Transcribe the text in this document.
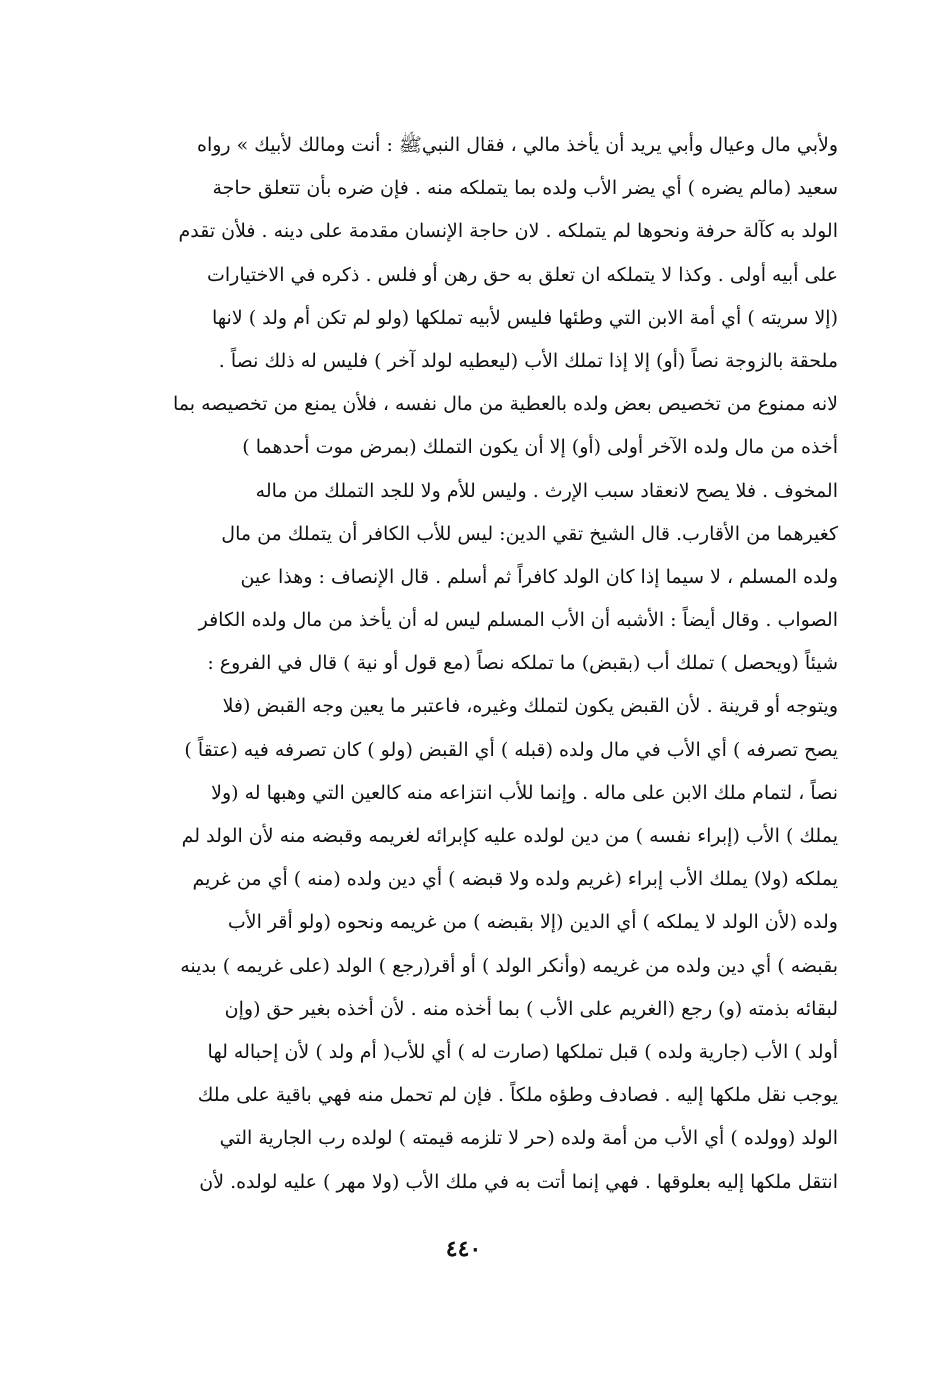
ولأبي مال وعيال وأبي يريد أن يأخذ مالي ، فقال النبيﷺ : أنت ومالك لأبيك » رواه
سعيد (مالم يضره ) أي يضر الأب ولده بما يتملكه منه . فإن ضره بأن تتعلق حاجة
الولد به كآلة حرفة ونحوها لم يتملكه . لان حاجة الإنسان مقدمة على دينه . فلأن تقدم
على أبيه أولى . وكذا لا يتملكه ان تعلق به حق رهن أو فلس . ذكره في الاختيارات
(إلا سريته ) أي أمة الابن التي وطئها فليس لأبيه تملكها (ولو لم تكن أم ولد ) لانها
ملحقة بالزوجة نصاً (أو) إلا إذا تملك الأب (ليعطيه لولد آخر ) فليس له ذلك نصاً .
لانه ممنوع من تخصيص بعض ولده بالعطية من مال نفسه ، فلأن يمنع من تخصيصه بما
أخذه من مال ولده الآخر أولى (أو) إلا أن يكون التملك (بمرض موت أحدهما )
المخوف . فلا يصح لانعقاد سبب الإرث . وليس للأم ولا للجد التملك من ماله
كغيرهما من الأقارب. قال الشيخ تقي الدين: ليس للأب الكافر أن يتملك من مال
ولده المسلم ، لا سيما إذا كان الولد كافراً ثم أسلم . قال الإنصاف : وهذا عين
الصواب . وقال أيضاً : الأشبه أن الأب المسلم ليس له أن يأخذ من مال ولده الكافر
شيئاً (ويحصل ) تملك أب (بقبض) ما تملكه نصاً (مع قول أو نية ) قال في الفروع :
ويتوجه أو قرينة . لأن القبض يكون لتملك وغيره، فاعتبر ما يعين وجه القبض (فلا
يصح تصرفه ) أي الأب في مال ولده (قبله ) أي القبض (ولو ) كان تصرفه فيه (عتقاً )
نصاً ، لتمام ملك الابن على ماله . وإنما للأب انتزاعه منه كالعين التي وهبها له (ولا
يملك ) الأب (إبراء نفسه ) من دين لولده عليه كإبرائه لغريمه وقبضه منه لأن الولد لم
يملكه (ولا) يملك الأب إبراء (غريم ولده ولا قبضه ) أي دين ولده (منه ) أي من غريم
ولده (لأن الولد لا يملكه ) أي الدين (إلا بقبضه ) من غريمه ونحوه (ولو أقر الأب
بقبضه ) أي دين ولده من غريمه (وأنكر الولد ) أو أقر(رجع ) الولد (على غريمه ) بدينه
لبقائه بذمته (و) رجع (الغريم على الأب ) بما أخذه منه . لأن أخذه بغير حق (وإن
أولد ) الأب (جارية ولده ) قبل تملكها (صارت له ) أي للأب( أم ولد ) لأن إحباله لها
يوجب نقل ملكها إليه . فصادف وطؤه ملكاً . فإن لم تحمل منه فهي باقية على ملك
الولد (وولده ) أي الأب من أمة ولده (حر لا تلزمه قيمته ) لولده رب الجارية التي
انتقل ملكها إليه بعلوقها . فهي إنما أتت به في ملك الأب (ولا مهر ) عليه لولده. لأن
٤٤٠
